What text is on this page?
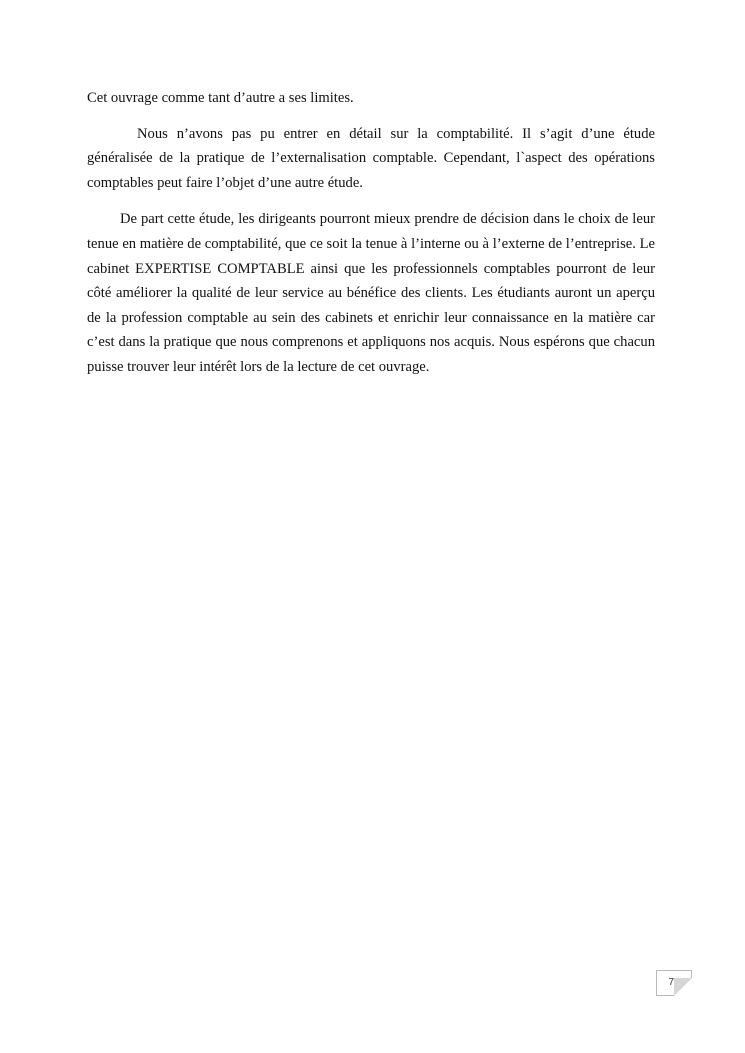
Cet ouvrage comme tant d’autre a ses limites.

Nous n’avons pas pu entrer en détail sur la comptabilité. Il s’agit d’une étude généralisée de la pratique de l’externalisation comptable. Cependant, l`aspect des opérations comptables peut faire l’objet d’une autre étude.

De part cette étude, les dirigeants pourront mieux prendre de décision dans le choix de leur tenue en matière de comptabilité, que ce soit la tenue à l’interne ou à l’externe de l’entreprise. Le cabinet EXPERTISE COMPTABLE ainsi que les professionnels comptables pourront de leur côté améliorer la qualité de leur service au bénéfice des clients. Les étudiants auront un aperçu de la profession comptable au sein des cabinets et enrichir leur connaissance en la matière car c’est dans la pratique que nous comprenons et appliquons nos acquis. Nous espérons que chacun puisse trouver leur intérêt lors de la lecture de cet ouvrage.

75
